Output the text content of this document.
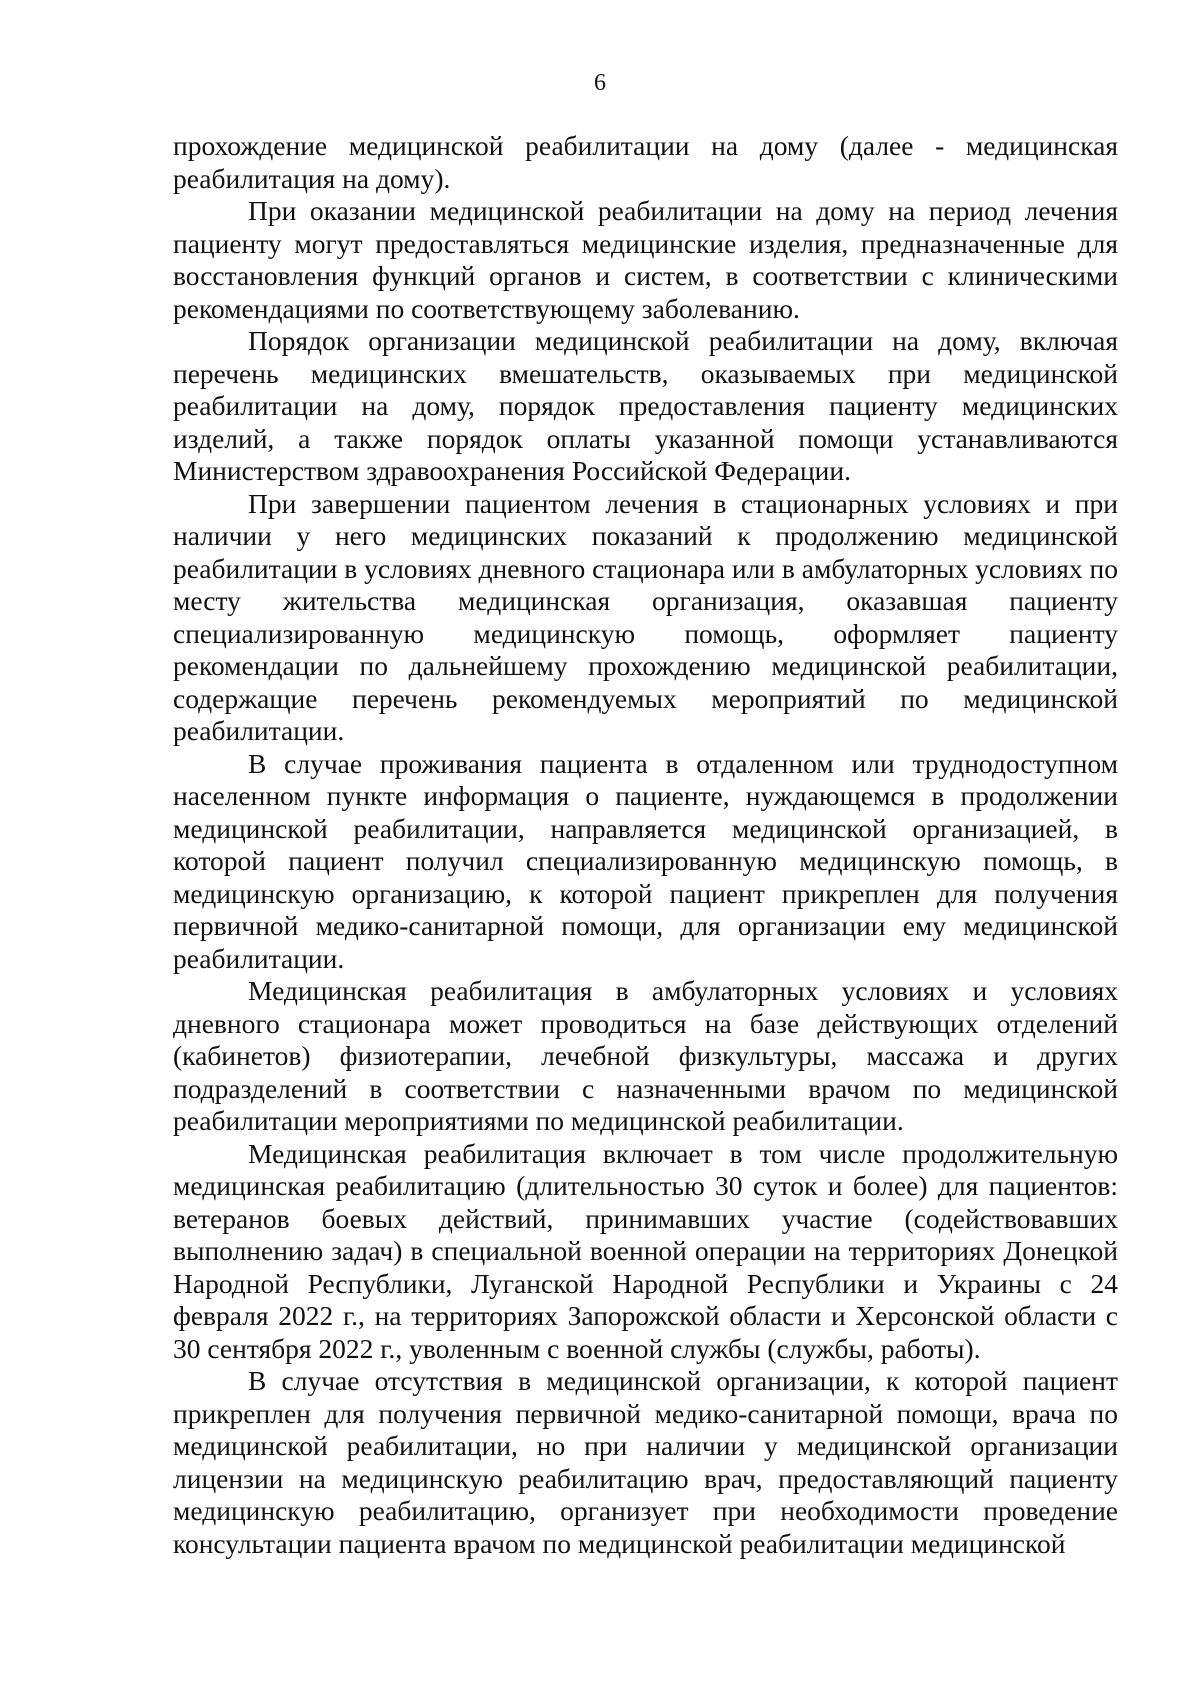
6

прохождение медицинской реабилитации на дому (далее - медицинская реабилитация на дому).

При оказании медицинской реабилитации на дому на период лечения пациенту могут предоставляться медицинские изделия, предназначенные для восстановления функций органов и систем, в соответствии с клиническими рекомендациями по соответствующему заболеванию.

Порядок организации медицинской реабилитации на дому, включая перечень медицинских вмешательств, оказываемых при медицинской реабилитации на дому, порядок предоставления пациенту медицинских изделий, а также порядок оплаты указанной помощи устанавливаются Министерством здравоохранения Российской Федерации.

При завершении пациентом лечения в стационарных условиях и при наличии у него медицинских показаний к продолжению медицинской реабилитации в условиях дневного стационара или в амбулаторных условиях по месту жительства медицинская организация, оказавшая пациенту специализированную медицинскую помощь, оформляет пациенту рекомендации по дальнейшему прохождению медицинской реабилитации, содержащие перечень рекомендуемых мероприятий по медицинской реабилитации.

В случае проживания пациента в отдаленном или труднодоступном населенном пункте информация о пациенте, нуждающемся в продолжении медицинской реабилитации, направляется медицинской организацией, в которой пациент получил специализированную медицинскую помощь, в медицинскую организацию, к которой пациент прикреплен для получения первичной медико-санитарной помощи, для организации ему медицинской реабилитации.

Медицинская реабилитация в амбулаторных условиях и условиях дневного стационара может проводиться на базе действующих отделений (кабинетов) физиотерапии, лечебной физкультуры, массажа и других подразделений в соответствии с назначенными врачом по медицинской реабилитации мероприятиями по медицинской реабилитации.

Медицинская реабилитация включает в том числе продолжительную медицинская реабилитацию (длительностью 30 суток и более) для пациентов: ветеранов боевых действий, принимавших участие (содействовавших выполнению задач) в специальной военной операции на территориях Донецкой Народной Республики, Луганской Народной Республики и Украины с 24 февраля 2022 г., на территориях Запорожской области и Херсонской области с 30 сентября 2022 г., уволенным с военной службы (службы, работы).

В случае отсутствия в медицинской организации, к которой пациент прикреплен для получения первичной медико-санитарной помощи, врача по медицинской реабилитации, но при наличии у медицинской организации лицензии на медицинскую реабилитацию врач, предоставляющий пациенту медицинскую реабилитацию, организует при необходимости проведение консультации пациента врачом по медицинской реабилитации медицинской
